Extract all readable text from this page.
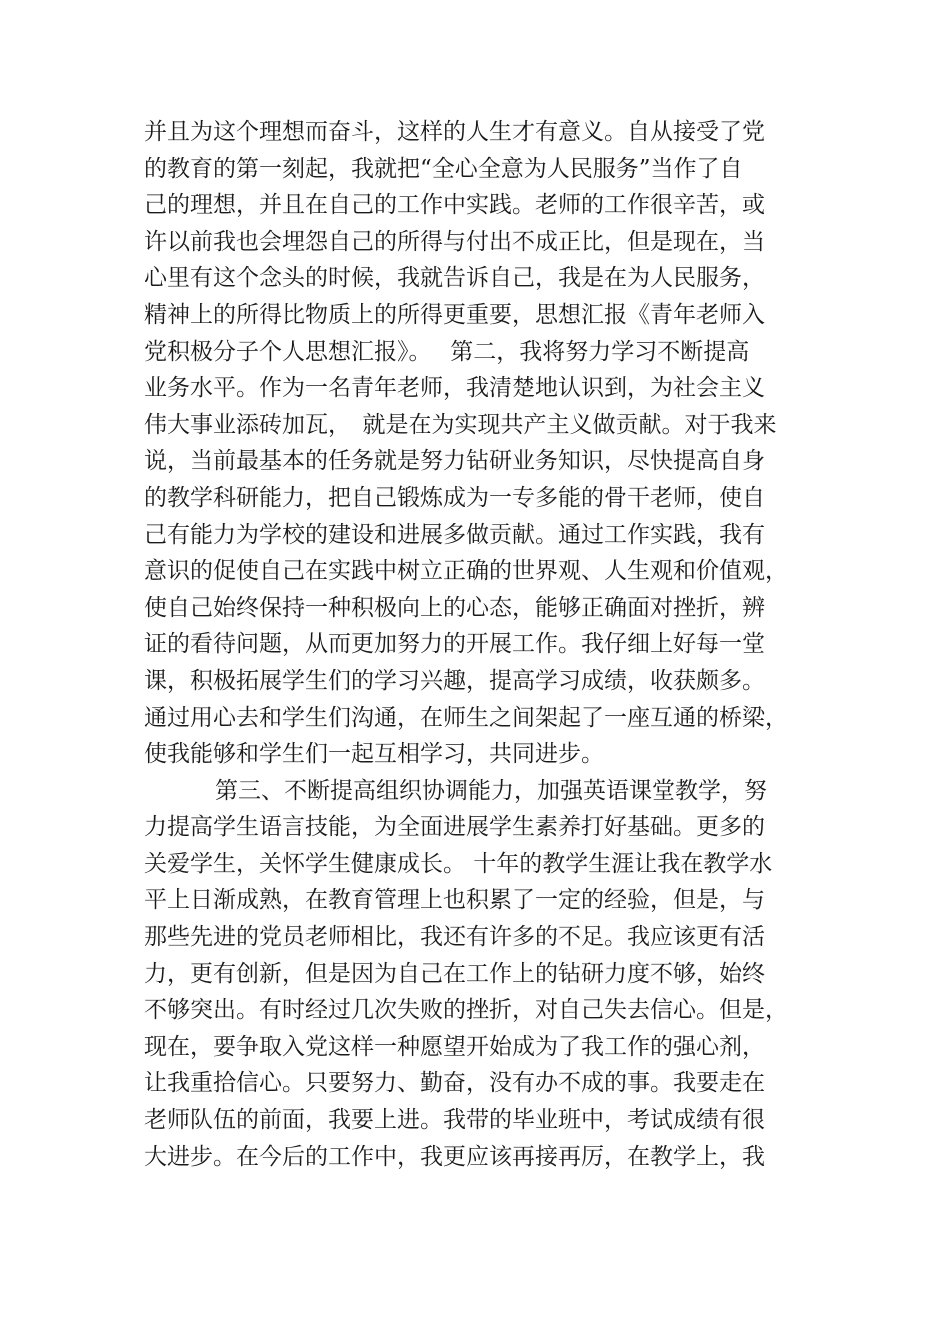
并且为这个理想而奋斗，这样的人生才有意义。自从接受了党
的教育的第一刻起，我就把“全心全意为人民服务”当作了自
己的理想，并且在自己的工作中实践。老师的工作很辛苦，或
许以前我也会埋怨自己的所得与付出不成正比，但是现在，当
心里有这个念头的时候，我就告诉自己，我是在为人民服务，
精神上的所得比物质上的所得更重要，思想汇报《青年老师入
党积极分子个人思想汇报》。　 第二，我将努力学习不断提高
业务水平。作为一名青年老师，我清楚地认识到，为社会主义
伟大事业添砖加瓦，　就是在为实现共产主义做贡献。对于我来
说，当前最基本的任务就是努力钻研业务知识，尽快提高自身
的教学科研能力，把自己锻炼成为一专多能的骨干老师，使自
己有能力为学校的建设和进展多做贡献。通过工作实践，我有
意识的促使自己在实践中树立正确的世界观、人生观和价值观，
使自己始终保持一种积极向上的心态，能够正确面对挫折，辨
证的看待问题，从而更加努力的开展工作。我仔细上好每一堂
课，积极拓展学生们的学习兴趣，提高学习成绩，收获颇多。
通过用心去和学生们沟通，在师生之间架起了一座互通的桥梁，
使我能够和学生们一起互相学习，共同进步。
第三、不断提高组织协调能力，加强英语课堂教学，努
力提高学生语言技能，为全面进展学生素养打好基础。更多的
关爱学生，关怀学生健康成长。 十年的教学生涯让我在教学水
平上日渐成熟，在教育管理上也积累了一定的经验，但是，与
那些先进的党员老师相比，我还有许多的不足。我应该更有活
力，更有创新，但是因为自己在工作上的钻研力度不够，始终
不够突出。有时经过几次失败的挫折，对自己失去信心。但是，
现在，要争取入党这样一种愿望开始成为了我工作的强心剂，
让我重拾信心。只要努力、勤奋，没有办不成的事。我要走在
老师队伍的前面，我要上进。我带的毕业班中，考试成绩有很
大进步。在今后的工作中，我更应该再接再厉，在教学上，我
